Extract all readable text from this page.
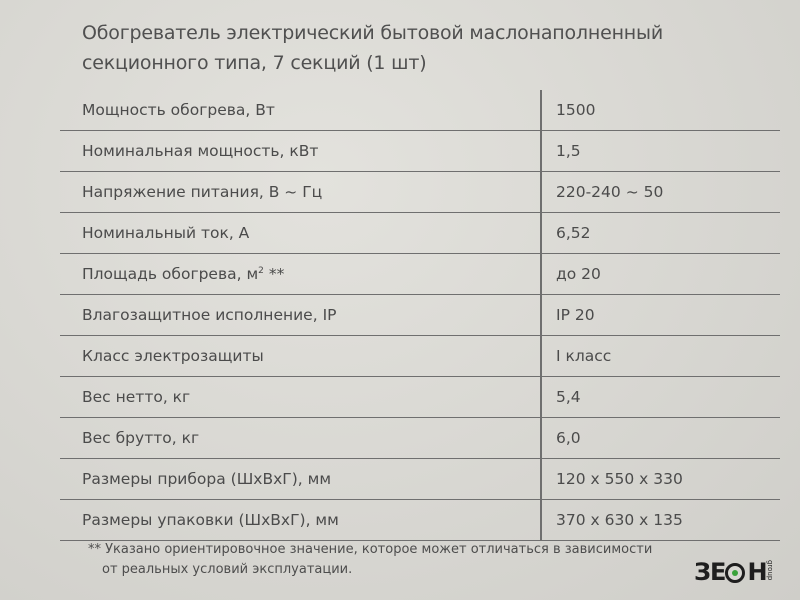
Обогреватель электрический бытовой маслонаполненный
секционного типа, 7 секций (1 шт)
Мощность обогрева, Вт	1500
Номинальная мощность, кВт	1,5
Напряжение питания, В ~ Гц	220-240 ~ 50
Номинальный ток, А	6,52
Площадь обогрева, $м^2$ **	до 20
Влагозащитное исполнение, IP	IP 20
Класс электрозащиты	I класс
Вес нетто, кг	5,4
Вес брутто, кг	6,0
Размеры прибора (ШхВхГ), мм	120 x 550 x 330
Размеры упаковки (ШхВхГ), мм	370 x 630 x 135
** Указано ориентировочное значение, которое может отличаться в зависимости
от реальных условий эксплуатации.	ЗЕ Н group
